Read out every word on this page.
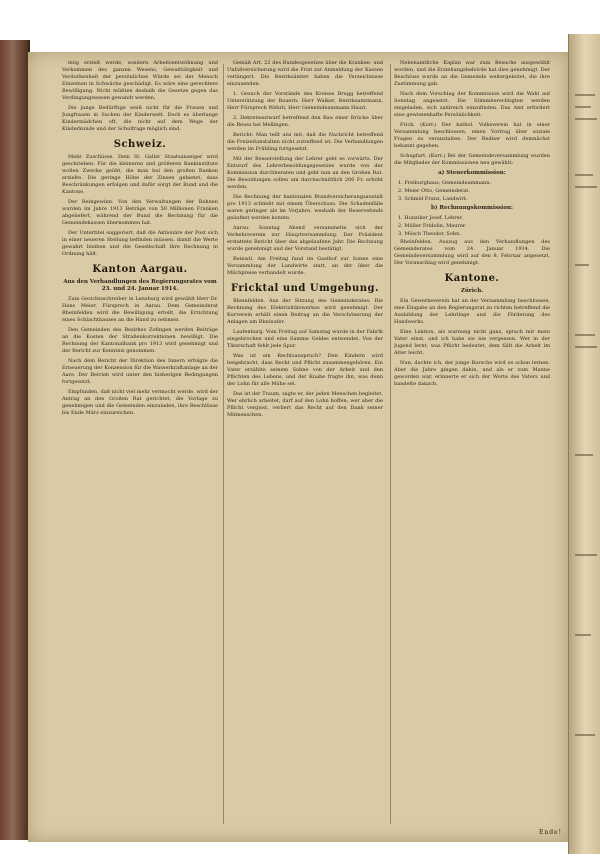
mög erzielt werde, sondern Arbeitsentwöhnung und Verkommen des ganzen Wesens, Gewalttätigkeit und Verdorbenheit der persönlichen Würde sei der Mensch Einzelnen in Schwäche geschädigt. Es wäre eine gerechtere Bewilligung. Nicht müßten deshalb die Gesetze gegen das Verdingungswesen gewandt werden.

Die junge Bedürftige weiß nicht für die Frauen und Jungfrauen in Sachen der Kinderwelt. Doch es überlange Kindermädchen oft, die nicht auf dem Wege der Kinderkunde und der Schulfrage möglich sind.

Schweiz.

Mehr Zuschüsse. Dem St. Galler Staatsanzeiger wird geschrieben: Für die kleineren und größeren Bankinstitute wollen Zwecke geübt, die man bei den großen Banken erzielte. Die geringe Höhe der Zinsen gebietet, dass Beschränkungen erfolgen und dafür sorgt der Bund und die Kantone.

Der Reingewinn. Von den Verwaltungen der Bahnen wurden im Jahre 1913 Beträge von 50 Millionen Franken abgeliefert, während der Bund die Rechnung für die Gemeindekassen übernommen hat.

Der Untertitel suggeriert, daß die Aktionäre der Post sich in einer neueren Stellung befinden müssen, damit die Werte gewahrt bleiben und die Gesellschaft ihre Rechnung in Ordnung hält.

Kanton Aargau.
Aus den Verhandlungen des Regierungsrates vom 23. und 24. Januar 1914.

Zum Gerichtsschreiber in Lenzburg wird gewählt Herr Dr. Hans Meier, Fürsprech in Aarau. Dem Gemeinderat Rheinfelden wird die Bewilligung erteilt, die Errichtung eines Schlachthauses an die Hand zu nehmen.

Den Gemeinden des Bezirkes Zofingen werden Beiträge an die Kosten der Straßenkorrektionen bewilligt. Die Rechnung der Kantonalbank pro 1913 wird genehmigt und der Bericht zur Kenntnis genommen.

Nach dem Bericht der Direktion des Innern erfolgte die Erneuerung der Konzession für die Wasserkraftanlage an der Aare. Der Betrieb wird unter den bisherigen Bedingungen fortgesetzt.

Empfunden, daß nicht viel mehr vermocht werde, wird der Antrag an den Großen Rat gerichtet, die Vorlage zu genehmigen und die Gemeinden einzuladen, ihre Beschlüsse bis Ende März einzureichen.

Gemäß Art. 22 des Bundesgesetzes über die Kranken- und Unfallversicherung wird die Frist zur Anmeldung der Kassen verlängert. Die Bezirksämter haben die Verzeichnisse einzusenden.

1. Gesuch der Vorstände des Kreises Brugg betreffend Unterstützung der Bauern: Herr Walker, Bezirksamtmann, Herr Fürsprech Wehrli, Herr Gemeindeammann Hauri.

2. Dekretsentwurf betreffend den Bau einer Brücke über die Reuss bei Mellingen.

Bericht: Man teilt uns mit, daß die Nachricht betreffend die Freizeitanstalten nicht zutreffend ist. Die Verhandlungen werden im Frühling fortgesetzt.

Mit der Besserstellung der Lehrer geht es vorwärts. Der Entwurf des Lehrerbesoldungsgesetzes wurde von der Kommission durchberaten und geht nun an den Großen Rat. Die Besoldungen sollen um durchschnittlich 200 Fr. erhöht werden.

Die Rechnung der kantonalen Brandversicherungsanstalt pro 1913 schließt mit einem Überschuss. Die Schadenfälle waren geringer als im Vorjahre, weshalb der Reservefonds geäufnet werden konnte.

Aarau. Sonntag Abend versammelte sich der Verkehrsverein zur Hauptversammlung. Der Präsident erstattete Bericht über das abgelaufene Jahr. Die Rechnung wurde genehmigt und der Vorstand bestätigt.

Beinwil. Am Freitag fand im Gasthof zur Sonne eine Versammlung der Landwirte statt, an der über die Milchpreise verhandelt wurde.

Fricktal und Umgebung.

Rheinfelden. Aus der Sitzung des Gemeinderates: Die Rechnung des Elektrizitätswerkes wird genehmigt. Der Kurverein erhält einen Beitrag an die Verschönerung der Anlagen am Rheinufer.

Laufenburg. Vom Freitag auf Samstag wurde in der Fabrik eingebrochen und eine Summe Geldes entwendet. Von der Täterschaft fehlt jede Spur.

Was ist ein Rechtsanspruch? Den Kindern wird beigebracht, dass Recht und Pflicht zusammengehören. Ein Vater erzählte seinem Sohne von der Arbeit und den Pflichten des Lebens, und der Knabe fragte ihn, was denn der Lohn für alle Mühe sei.

Das ist der Traum, sagte er, der jeden Menschen begleitet. Wer ehrlich arbeitet, darf auf den Lohn hoffen; wer aber die Pflicht vergisst, verliert das Recht auf den Dank seiner Mitmenschen.

Nebenamtliche Kaplan war zum Besuche ausgewählt worden, und die Erziehungsbehörde hat dies genehmigt. Der Beschluss wurde an die Gemeinde weitergeleitet, die ihre Zustimmung gab.

Nach dem Vorschlag der Kommission wird die Wahl auf Sonntag angesetzt. Die Stimmberechtigten werden eingeladen, sich zahlreich einzufinden. Das Amt erfordert eine gewissenhafte Persönlichkeit.

Frick. (Korr.) Der kathol. Volksverein hat in einer Versammlung beschlossen, einen Vortrag über soziale Fragen zu veranstalten. Der Redner wird demnächst bekannt gegeben.

Schupfart. (Korr.) Bei der Gemeindeversammlung wurden die Mitglieder der Kommissionen neu gewählt:

a) Steuerkommission:
1. Freiburghaus, Gemeindeammann.
2. Meier Otto, Gemeinderat.
3. Schmid Franz, Landwirt.
b) Rechnungskommission:
1. Hunziker Josef, Lehrer.
2. Müller Fridolin, Maurer.
3. Mösch Theodor, Sohn.

Rheinfelden. Auszug aus den Verhandlungen des Gemeinderates vom 24. Januar 1914. Die Gemeindeversammlung wird auf den 8. Februar angesetzt. Der Voranschlag wird genehmigt.

Kantone.
Zürich.

Ein Gewerbeverein hat an der Versammlung beschlossen, eine Eingabe an den Regierungsrat zu richten betreffend die Ausbildung der Lehrlinge und die Förderung des Handwerks.

Eine Lektion, als warnung nicht ganz, sprach mir mein Vater einst, und ich habe sie nie vergessen. Wer in der Jugend lernt, was Pflicht bedeutet, dem fällt die Arbeit im Alter leicht.

Nun, dachte ich, der junge Bursche wird es schon lernen. Aber die Jahre gingen dahin, und als er zum Manne geworden war, erinnerte er sich der Worte des Vaters und handelte danach.

Ende!
